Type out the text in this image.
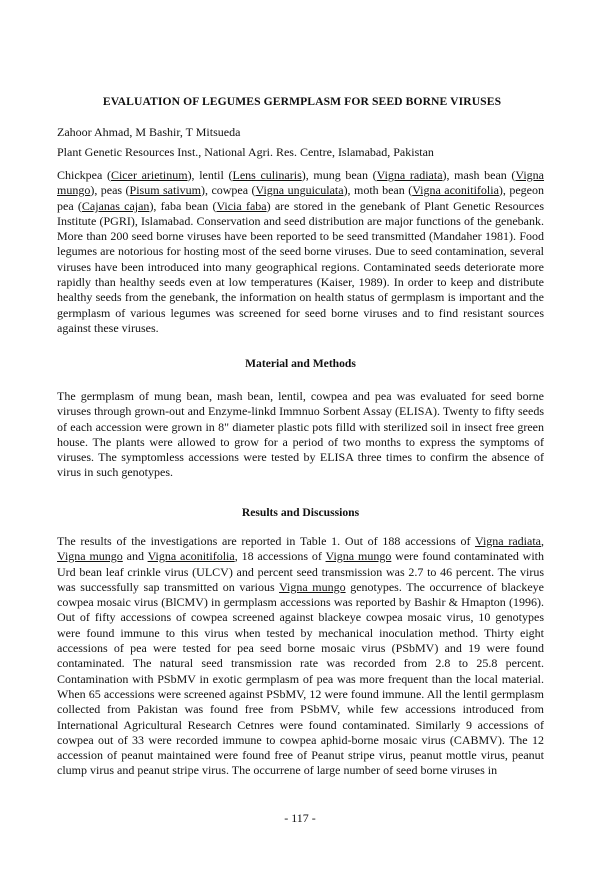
EVALUATION OF LEGUMES GERMPLASM FOR SEED BORNE VIRUSES
Zahoor Ahmad, M Bashir, T Mitsueda
Plant Genetic Resources Inst., National Agri. Res. Centre, Islamabad, Pakistan

Chickpea (Cicer arietinum), lentil (Lens culinaris), mung bean (Vigna radiata), mash bean (Vigna mungo), peas (Pisum sativum), cowpea (Vigna unguiculata), moth bean (Vigna aconitifolia), pegeon pea (Cajanas cajan), faba bean (Vicia faba) are stored in the genebank of Plant Genetic Resources Institute (PGRI), Islamabad. Conservation and seed distribution are major functions of the genebank. More than 200 seed borne viruses have been reported to be seed transmitted (Mandaher 1981). Food legumes are notorious for hosting most of the seed borne viruses. Due to seed contamination, several viruses have been introduced into many geographical regions. Contaminated seeds deteriorate more rapidly than healthy seeds even at low temperatures (Kaiser, 1989). In order to keep and distribute healthy seeds from the genebank, the information on health status of germplasm is important and the germplasm of various legumes was screened for seed borne viruses and to find resistant sources against these viruses.

Material and Methods

The germplasm of mung bean, mash bean, lentil, cowpea and pea was evaluated for seed borne viruses through grown-out and Enzyme-linkd Immnuo Sorbent Assay (ELISA). Twenty to fifty seeds of each accession were grown in 8" diameter plastic pots filld with sterilized soil in insect free green house. The plants were allowed to grow for a period of two months to express the symptoms of viruses. The symptomless accessions were tested by ELISA three times to confirm the absence of virus in such genotypes.

Results and Discussions

The results of the investigations are reported in Table 1. Out of 188 accessions of Vigna radiata, Vigna mungo and Vigna aconitifolia, 18 accessions of Vigna mungo were found contaminated with Urd bean leaf crinkle virus (ULCV) and percent seed transmission was 2.7 to 46 percent. The virus was successfully sap transmitted on various Vigna mungo genotypes. The occurrence of blackeye cowpea mosaic virus (BlCMV) in germplasm accessions was reported by Bashir & Hmapton (1996). Out of fifty accessions of cowpea screened against blackeye cowpea mosaic virus, 10 genotypes were found immune to this virus when tested by mechanical inoculation method. Thirty eight accessions of pea were tested for pea seed borne mosaic virus (PSbMV) and 19 were found contaminated. The natural seed transmission rate was recorded from 2.8 to 25.8 percent. Contamination with PSbMV in exotic germplasm of pea was more frequent than the local material. When 65 accessions were screened against PSbMV, 12 were found immune. All the lentil germplasm collected from Pakistan was found free from PSbMV, while few accessions introduced from International Agricultural Research Cetnres were found contaminated. Similarly 9 accessions of cowpea out of 33 were recorded immune to cowpea aphid-borne mosaic virus (CABMV). The 12 accession of peanut maintained were found free of Peanut stripe virus, peanut mottle virus, peanut clump virus and peanut stripe virus. The occurrene of large number of seed borne viruses in

- 117 -
